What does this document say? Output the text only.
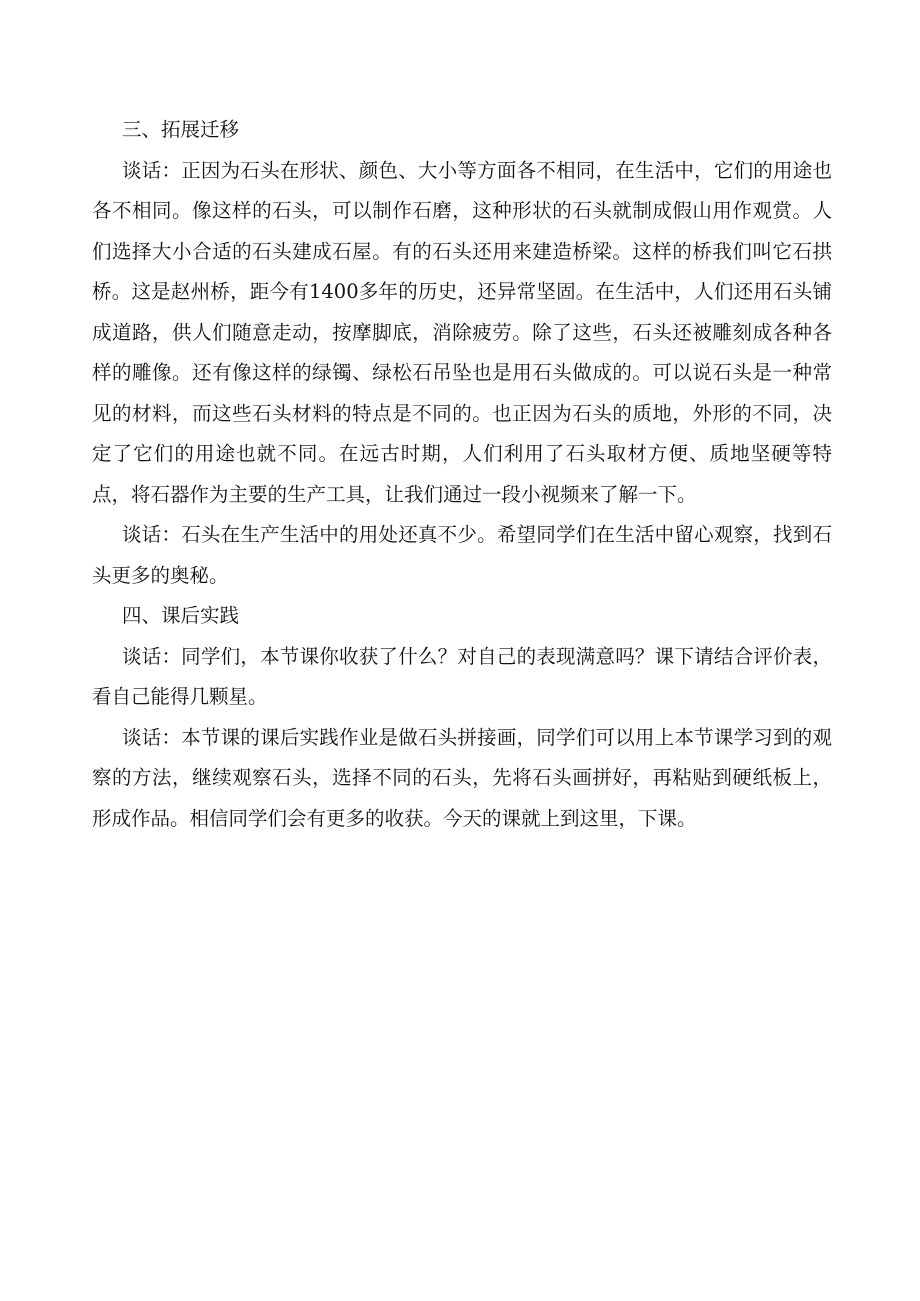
三、拓展迁移

谈话：正因为石头在形状、颜色、大小等方面各不相同，在生活中，它们的用途也各不相同。像这样的石头，可以制作石磨，这种形状的石头就制成假山用作观赏。人们选择大小合适的石头建成石屋。有的石头还用来建造桥梁。这样的桥我们叫它石拱桥。这是赵州桥，距今有1400多年的历史，还异常坚固。在生活中，人们还用石头铺成道路，供人们随意走动，按摩脚底，消除疲劳。除了这些，石头还被雕刻成各种各样的雕像。还有像这样的绿镯、绿松石吊坠也是用石头做成的。可以说石头是一种常见的材料，而这些石头材料的特点是不同的。也正因为石头的质地，外形的不同，决定了它们的用途也就不同。在远古时期，人们利用了石头取材方便、质地坚硬等特点，将石器作为主要的生产工具，让我们通过一段小视频来了解一下。

谈话：石头在生产生活中的用处还真不少。希望同学们在生活中留心观察，找到石头更多的奥秘。

四、课后实践

谈话：同学们，本节课你收获了什么？对自己的表现满意吗？课下请结合评价表，看自己能得几颗星。

谈话：本节课的课后实践作业是做石头拼接画，同学们可以用上本节课学习到的观察的方法，继续观察石头，选择不同的石头，先将石头画拼好，再粘贴到硬纸板上，形成作品。相信同学们会有更多的收获。今天的课就上到这里，下课。
